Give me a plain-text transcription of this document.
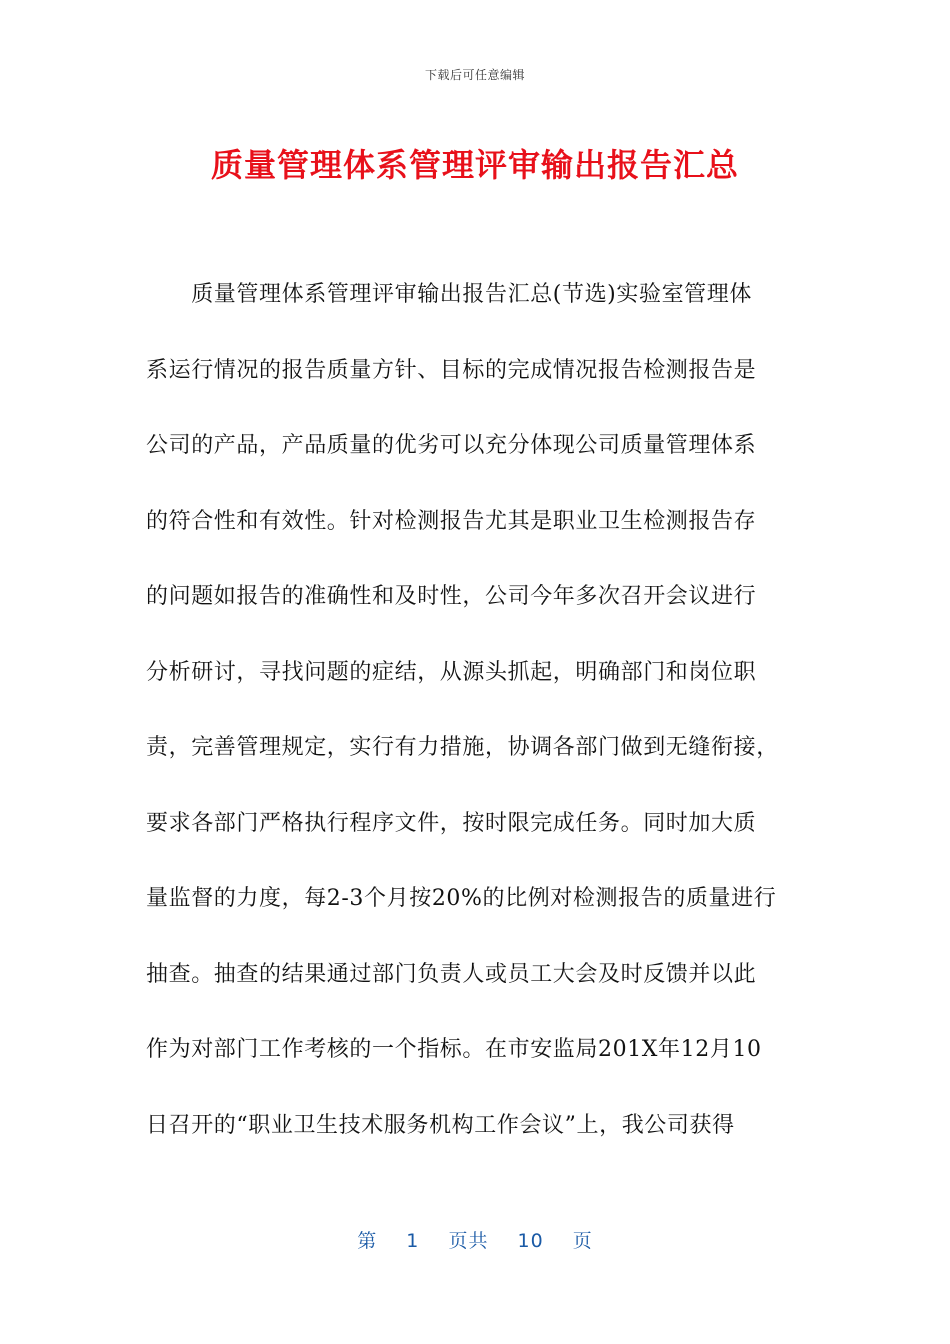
下载后可任意编辑
质量管理体系管理评审输出报告汇总
　　质量管理体系管理评审输出报告汇总(节选)实验室管理体
系运行情况的报告质量方针、目标的完成情况报告检测报告是
公司的产品，产品质量的优劣可以充分体现公司质量管理体系
的符合性和有效性。针对检测报告尤其是职业卫生检测报告存
的问题如报告的准确性和及时性，公司今年多次召开会议进行
分析研讨，寻找问题的症结，从源头抓起，明确部门和岗位职
责，完善管理规定，实行有力措施，协调各部门做到无缝衔接，
要求各部门严格执行程序文件，按时限完成任务。同时加大质
量监督的力度，每2-3个月按20%的比例对检测报告的质量进行
抽查。抽查的结果通过部门负责人或员工大会及时反馈并以此
作为对部门工作考核的一个指标。在市安监局201X年12月10
日召开的“职业卫生技术服务机构工作会议”上，我公司获得
第 1 页共 10 页
